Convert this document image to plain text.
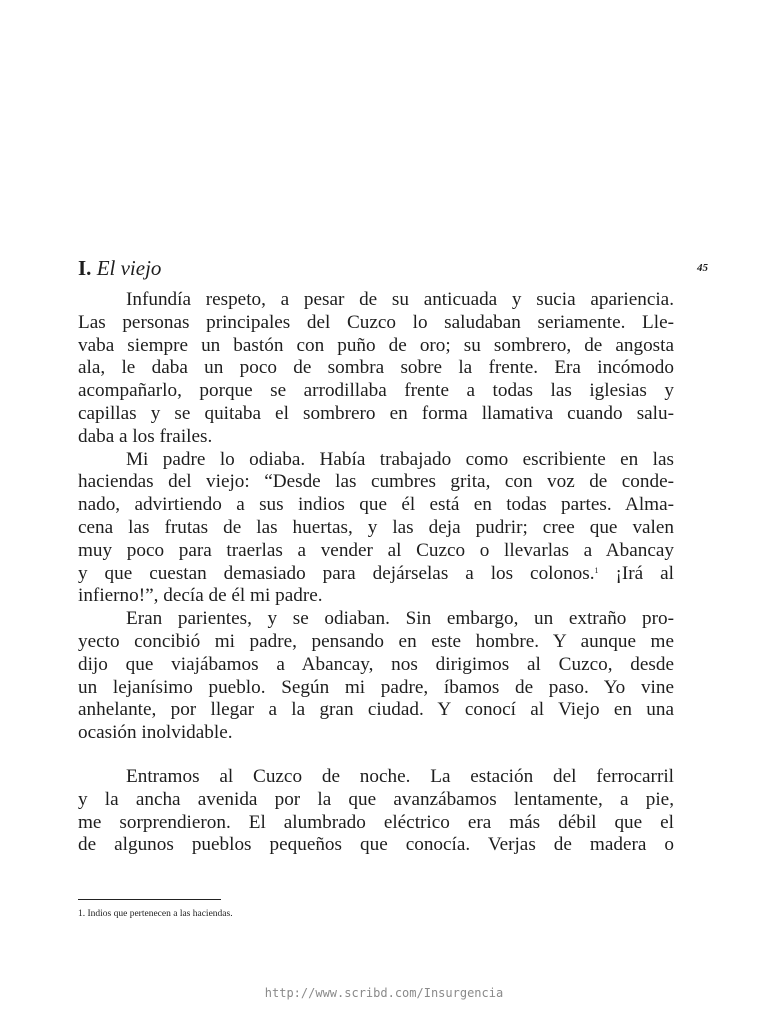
I. El viejo	45
Infundía respeto, a pesar de su anticuada y sucia apariencia.
Las personas principales del Cuzco lo saludaban seriamente. Lle-
vaba siempre un bastón con puño de oro; su sombrero, de angosta
ala, le daba un poco de sombra sobre la frente. Era incómodo
acompañarlo, porque se arrodillaba frente a todas las iglesias y
capillas y se quitaba el sombrero en forma llamativa cuando salu-
daba a los frailes.
Mi padre lo odiaba. Había trabajado como escribiente en las
haciendas del viejo: “Desde las cumbres grita, con voz de conde-
nado, advirtiendo a sus indios que él está en todas partes. Alma-
cena las frutas de las huertas, y las deja pudrir; cree que valen
muy poco para traerlas a vender al Cuzco o llevarlas a Abancay
y que cuestan demasiado para dejárselas a los colonos.$^1$ ¡Irá al
infierno!”, decía de él mi padre.
Eran parientes, y se odiaban. Sin embargo, un extraño pro-
yecto concibió mi padre, pensando en este hombre. Y aunque me
dijo que viajábamos a Abancay, nos dirigimos al Cuzco, desde
un lejanísimo pueblo. Según mi padre, íbamos de paso. Yo vine
anhelante, por llegar a la gran ciudad. Y conocí al Viejo en una
ocasión inolvidable.
Entramos al Cuzco de noche. La estación del ferrocarril
y la ancha avenida por la que avanzábamos lentamente, a pie,
me sorprendieron. El alumbrado eléctrico era más débil que el
de algunos pueblos pequeños que conocía. Verjas de madera o
1. Indios que pertenecen a las haciendas.
http://www.scribd.com/Insurgencia
